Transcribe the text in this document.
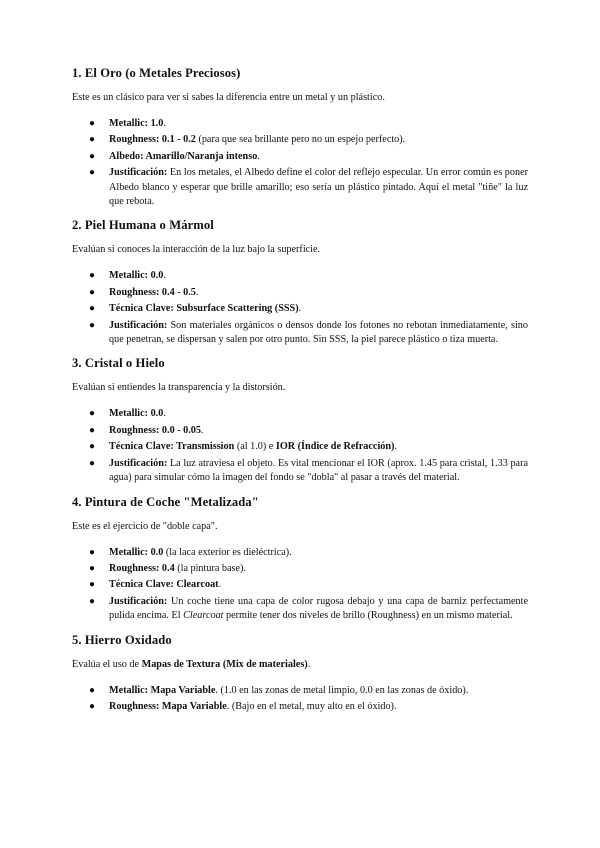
1. El Oro (o Metales Preciosos)

Este es un clásico para ver si sabes la diferencia entre un metal y un plástico.

● Metallic: 1.0.
● Roughness: 0.1 - 0.2 (para que sea brillante pero no un espejo perfecto).
● Albedo: Amarillo/Naranja intenso.
● Justificación: En los metales, el Albedo define el color del reflejo especular. Un error común es poner Albedo blanco y esperar que brille amarillo; eso sería un plástico pintado. Aquí el metal "tiñe" la luz que rebota.
2. Piel Humana o Mármol

Evalúan si conoces la interacción de la luz bajo la superficie.

● Metallic: 0.0.
● Roughness: 0.4 - 0.5.
● Técnica Clave: Subsurface Scattering (SSS).
● Justificación: Son materiales orgánicos o densos donde los fotones no rebotan inmediatamente, sino que penetran, se dispersan y salen por otro punto. Sin SSS, la piel parece plástico o tiza muerta.
3. Cristal o Hielo

Evalúan si entiendes la transparencia y la distorsión.

● Metallic: 0.0.
● Roughness: 0.0 - 0.05.
● Técnica Clave: Transmission (al 1.0) e IOR (Índice de Refracción).
● Justificación: La luz atraviesa el objeto. Es vital mencionar el IOR (aprox. 1.45 para cristal, 1.33 para agua) para simular cómo la imagen del fondo se "dobla" al pasar a través del material.
4. Pintura de Coche "Metalizada"

Este es el ejercicio de "doble capa".

● Metallic: 0.0 (la laca exterior es dieléctrica).
● Roughness: 0.4 (la pintura base).
● Técnica Clave: Clearcoat.
● Justificación: Un coche tiene una capa de color rugosa debajo y una capa de barniz perfectamente pulida encima. El Clearcoat permite tener dos niveles de brillo (Roughness) en un mismo material.
5. Hierro Oxidado

Evalúa el uso de Mapas de Textura (Mix de materiales).

● Metallic: Mapa Variable. (1.0 en las zonas de metal limpio, 0.0 en las zonas de óxido).
● Roughness: Mapa Variable. (Bajo en el metal, muy alto en el óxido).
